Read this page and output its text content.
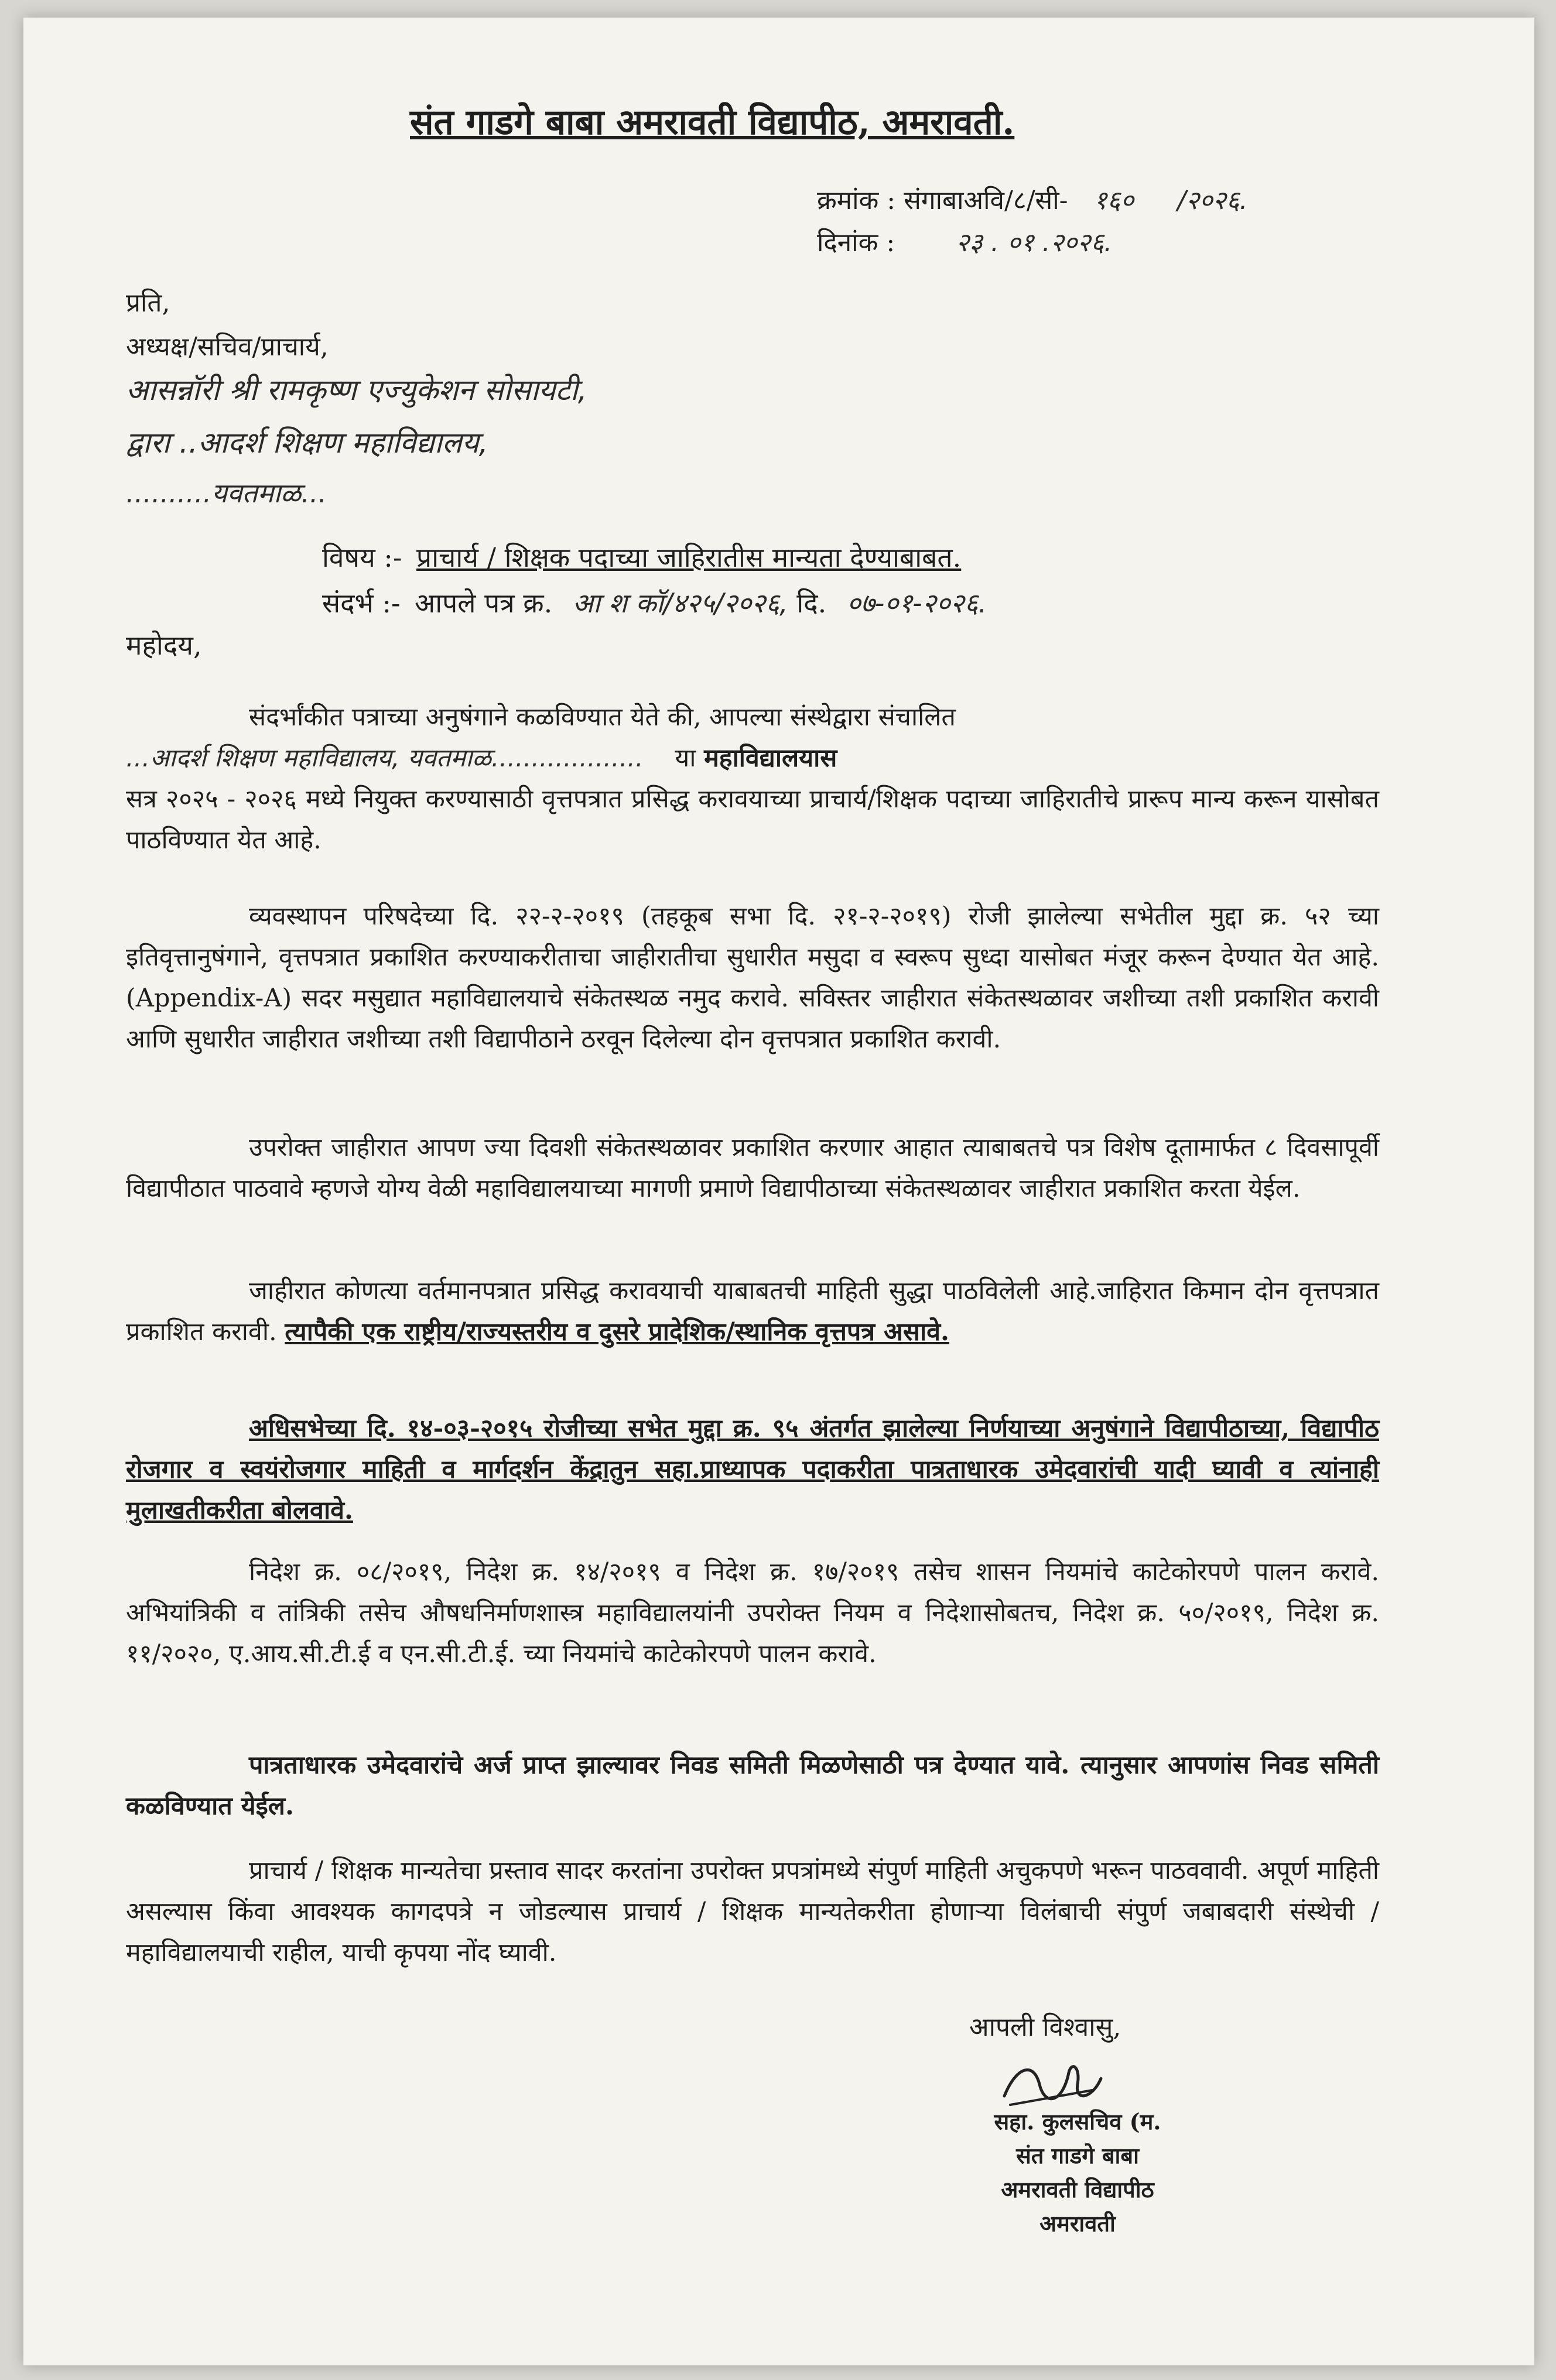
संत गाडगे बाबा अमरावती विद्यापीठ, अमरावती.
क्रमांक : संगाबाअवि/८/सी- १६० /२०२६.
दिनांक : २३ . ०१ .२०२६.
प्रति,
अध्यक्ष/सचिव/प्राचार्य,
आसन्नॉरी श्री रामकृष्ण एज्युकेशन सोसायटी,
द्वारा ..आदर्श शिक्षण महाविद्यालय,
..........यवतमाळ...
विषय :- प्राचार्य / शिक्षक पदाच्या जाहिरातीस मान्यता देण्याबाबत.
संदर्भ :- आपले पत्र क्र. आ श कॉ/४२५/२०२६, दि. ०७-०१-२०२६.
महोदय,
संदर्भांकीत पत्राच्या अनुषंगाने कळविण्यात येते की, आपल्या संस्थेद्वारा संचालित
...आदर्श शिक्षण महाविद्यालय, यवतमाळ................... या महाविद्यालयास
सत्र २०२५ - २०२६ मध्ये नियुक्त करण्यासाठी वृत्तपत्रात प्रसिद्ध करावयाच्या प्राचार्य/शिक्षक पदाच्या जाहिरातीचे प्रारूप मान्य करून यासोबत पाठविण्यात येत आहे.
व्यवस्थापन परिषदेच्या दि. २२-२-२०१९ (तहकूब सभा दि. २१-२-२०१९) रोजी झालेल्या सभेतील मुद्दा क्र. ५२ च्या इतिवृत्तानुषंगाने, वृत्तपत्रात प्रकाशित करण्याकरीताचा जाहीरातीचा सुधारीत मसुदा व स्वरूप सुध्दा यासोबत मंजूर करून देण्यात येत आहे. (Appendix-A) सदर मसुद्यात महाविद्यालयाचे संकेतस्थळ नमुद करावे. सविस्तर जाहीरात संकेतस्थळावर जशीच्या तशी प्रकाशित करावी आणि सुधारीत जाहीरात जशीच्या तशी विद्यापीठाने ठरवून दिलेल्या दोन वृत्तपत्रात प्रकाशित करावी.
उपरोक्त जाहीरात आपण ज्या दिवशी संकेतस्थळावर प्रकाशित करणार आहात त्याबाबतचे पत्र विशेष दूतामार्फत ८ दिवसापूर्वी विद्यापीठात पाठवावे म्हणजे योग्य वेळी महाविद्यालयाच्या मागणी प्रमाणे विद्यापीठाच्या संकेतस्थळावर जाहीरात प्रकाशित करता येईल.
जाहीरात कोणत्या वर्तमानपत्रात प्रसिद्ध करावयाची याबाबतची माहिती सुद्धा पाठविलेली आहे.जाहिरात किमान दोन वृत्तपत्रात प्रकाशित करावी. त्यापैकी एक राष्ट्रीय/राज्यस्तरीय व दुसरे प्रादेशिक/स्थानिक वृत्तपत्र असावे.
अधिसभेच्या दि. १४-०३-२०१५ रोजीच्या सभेत मुद्दा क्र. ९५ अंतर्गत झालेल्या निर्णयाच्या अनुषंगाने विद्यापीठाच्या, विद्यापीठ रोजगार व स्वयंरोजगार माहिती व मार्गदर्शन केंद्रातुन सहा.प्राध्यापक पदाकरीता पात्रताधारक उमेदवारांची यादी घ्यावी व त्यांनाही मुलाखतीकरीता बोलवावे.
निदेश क्र. ०८/२०१९, निदेश क्र. १४/२०१९ व निदेश क्र. १७/२०१९ तसेच शासन नियमांचे काटेकोरपणे पालन करावे. अभियांत्रिकी व तांत्रिकी तसेच औषधनिर्माणशास्त्र महाविद्यालयांनी उपरोक्त नियम व निदेशासोबतच, निदेश क्र. ५०/२०१९, निदेश क्र. ११/२०२०, ए.आय.सी.टी.ई व एन.सी.टी.ई. च्या नियमांचे काटेकोरपणे पालन करावे.
पात्रताधारक उमेदवारांचे अर्ज प्राप्त झाल्यावर निवड समिती मिळणेसाठी पत्र देण्यात यावे. त्यानुसार आपणांस निवड समिती कळविण्यात येईल.
प्राचार्य / शिक्षक मान्यतेचा प्रस्ताव सादर करतांना उपरोक्त प्रपत्रांमध्ये संपुर्ण माहिती अचुकपणे भरून पाठववावी. अपूर्ण माहिती असल्यास किंवा आवश्यक कागदपत्रे न जोडल्यास प्राचार्य / शिक्षक मान्यतेकरीता होणाऱ्या विलंबाची संपुर्ण जबाबदारी संस्थेची / महाविद्यालयाची राहील, याची कृपया नोंद घ्यावी.
आपली विश्वासु,
सहा. कुलसचिव (म.
संत गाडगे बाबा
अमरावती विद्यापीठ
अमरावती
